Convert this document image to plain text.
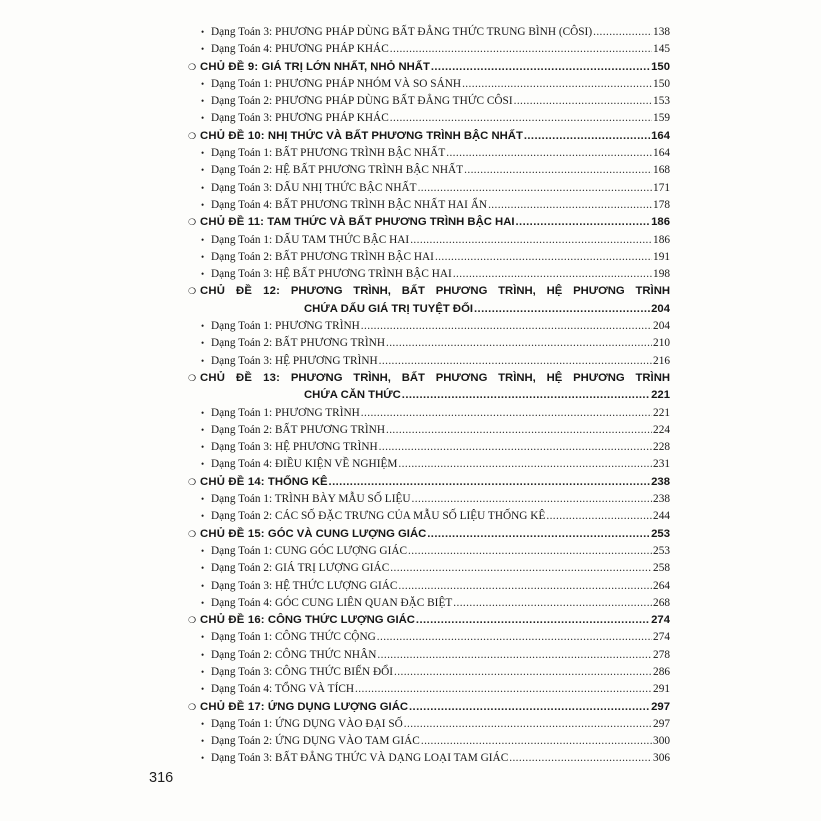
• Dạng Toán 3: PHƯƠNG PHÁP DÙNG BẤT ĐẲNG THỨC TRUNG BÌNH (CÔSI) .....	138
• Dạng Toán 4: PHƯƠNG PHÁP KHÁC .....	145
❍ CHỦ ĐỀ 9: GIÁ TRỊ LỚN NHẤT, NHỎ NHẤT .....	150
• Dạng Toán 1: PHƯƠNG PHÁP NHÓM VÀ SO SÁNH .....	150
• Dạng Toán 2: PHƯƠNG PHÁP DÙNG BẤT ĐẲNG THỨC CÔSI .....	153
• Dạng Toán 3: PHƯƠNG PHÁP KHÁC .....	159
❍ CHỦ ĐỀ 10: NHỊ THỨC VÀ BẤT PHƯƠNG TRÌNH BẬC NHẤT .....	164
• Dạng Toán 1: BẤT PHƯƠNG TRÌNH BẬC NHẤT .....	164
• Dạng Toán 2: HỆ BẤT PHƯƠNG TRÌNH BẬC NHẤT .....	168
• Dạng Toán 3: DẤU NHỊ THỨC BẬC NHẤT .....	171
• Dạng Toán 4: BẤT PHƯƠNG TRÌNH BẬC NHẤT HAI ẨN .....	178
❍ CHỦ ĐỀ 11: TAM THỨC VÀ BẤT PHƯƠNG TRÌNH BẬC HAI .....	186
• Dạng Toán 1: DẤU TAM THỨC BẬC HAI .....	186
• Dạng Toán 2: BẤT PHƯƠNG TRÌNH BẬC HAI .....	191
• Dạng Toán 3: HỆ BẤT PHƯƠNG TRÌNH BẬC HAI .....	198
❍ CHỦ ĐỀ 12: PHƯƠNG TRÌNH, BẤT PHƯƠNG TRÌNH, HỆ PHƯƠNG TRÌNH
CHỨA DẤU GIÁ TRỊ TUYỆT ĐỐI .....	204
• Dạng Toán 1: PHƯƠNG TRÌNH .....	204
• Dạng Toán 2: BẤT PHƯƠNG TRÌNH .....	210
• Dạng Toán 3: HỆ PHƯƠNG TRÌNH .....	216
❍ CHỦ ĐỀ 13: PHƯƠNG TRÌNH, BẤT PHƯƠNG TRÌNH, HỆ PHƯƠNG TRÌNH
CHỨA CĂN THỨC .....	221
• Dạng Toán 1: PHƯƠNG TRÌNH .....	221
• Dạng Toán 2: BẤT PHƯƠNG TRÌNH .....	224
• Dạng Toán 3: HỆ PHƯƠNG TRÌNH .....	228
• Dạng Toán 4: ĐIỀU KIỆN VỀ NGHIỆM .....	231
❍ CHỦ ĐỀ 14: THỐNG KÊ .....	238
• Dạng Toán 1: TRÌNH BÀY MẪU SỐ LIỆU .....	238
• Dạng Toán 2: CÁC SỐ ĐẶC TRƯNG CỦA MẪU SỐ LIỆU THỐNG KÊ .....	244
❍ CHỦ ĐỀ 15: GÓC VÀ CUNG LƯỢNG GIÁC .....	253
• Dạng Toán 1: CUNG GÓC LƯỢNG GIÁC .....	253
• Dạng Toán 2: GIÁ TRỊ LƯỢNG GIÁC .....	258
• Dạng Toán 3: HỆ THỨC LƯỢNG GIÁC .....	264
• Dạng Toán 4: GÓC CUNG LIÊN QUAN ĐẶC BIỆT .....	268
❍ CHỦ ĐỀ 16: CÔNG THỨC LƯỢNG GIÁC .....	274
• Dạng Toán 1: CÔNG THỨC CỘNG .....	274
• Dạng Toán 2: CÔNG THỨC NHÂN .....	278
• Dạng Toán 3: CÔNG THỨC BIẾN ĐỔI .....	286
• Dạng Toán 4: TỔNG VÀ TÍCH .....	291
❍ CHỦ ĐỀ 17: ỨNG DỤNG LƯỢNG GIÁC .....	297
• Dạng Toán 1: ỨNG DỤNG VÀO ĐẠI SỐ .....	297
• Dạng Toán 2: ỨNG DỤNG VÀO TAM GIÁC .....	300
• Dạng Toán 3: BẤT ĐẲNG THỨC VÀ DẠNG LOẠI TAM GIÁC .....	306
316
